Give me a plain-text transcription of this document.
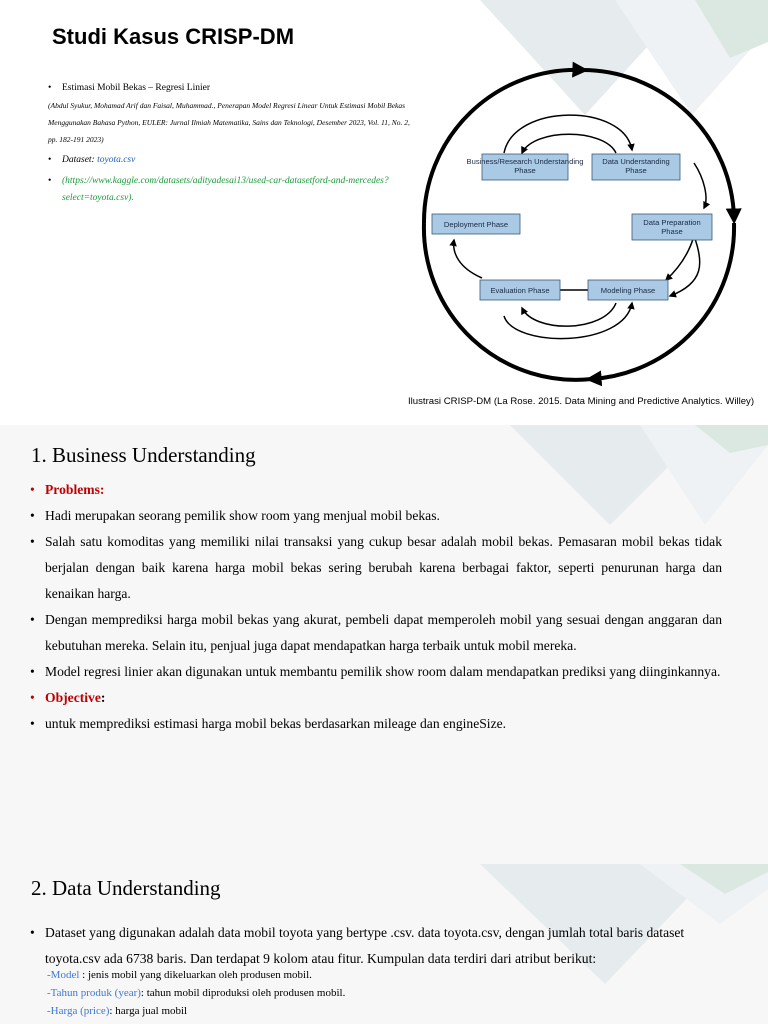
Studi Kasus CRISP-DM
• Estimasi Mobil Bekas – Regresi Linier
(Abdul Syukur, Mohamad Arif dan Faisal, Muhammad., Penerapan Model Regresi Linear Untuk Estimasi Mobil Bekas Menggunakan Bahasa Python, EULER: Jurnal Ilmiah Matematika, Sains dan Teknologi, Desember 2023, Vol. 11, No. 2, pp. 182-191 2023)
• Dataset: toyota.csv
• (https://www.kaggle.com/datasets/adityadesai13/used-car-datasetford-and-mercedes?select=toyota.csv).
Business/Research Understanding Phase
Data Understanding Phase
Data Preparation Phase
Modeling Phase
Evaluation Phase
Deployment Phase
Ilustrasi CRISP-DM (La Rose. 2015. Data Mining and Predictive Analytics. Willey)
1. Business Understanding
• Problems:
• Hadi merupakan seorang pemilik show room yang menjual mobil bekas.
• Salah satu komoditas yang memiliki nilai transaksi yang cukup besar adalah mobil bekas. Pemasaran mobil bekas tidak berjalan dengan baik karena harga mobil bekas sering berubah karena berbagai faktor, seperti penurunan harga dan kenaikan harga.
• Dengan memprediksi harga mobil bekas yang akurat, pembeli dapat memperoleh mobil yang sesuai dengan anggaran dan kebutuhan mereka. Selain itu, penjual juga dapat mendapatkan harga terbaik untuk mobil mereka.
• Model regresi linier akan digunakan untuk membantu pemilik show room dalam mendapatkan prediksi yang diinginkannya.
• Objective:
• untuk memprediksi estimasi harga mobil bekas berdasarkan mileage dan engineSize.
2. Data Understanding
• Dataset yang digunakan adalah data mobil toyota yang bertype .csv. data toyota.csv, dengan jumlah total baris dataset toyota.csv ada 6738 baris. Dan terdapat 9 kolom atau fitur. Kumpulan data terdiri dari atribut berikut:
-Model : jenis mobil yang dikeluarkan oleh produsen mobil.
-Tahun produk (year): tahun mobil diproduksi oleh produsen mobil.
-Harga (price): harga jual mobil
